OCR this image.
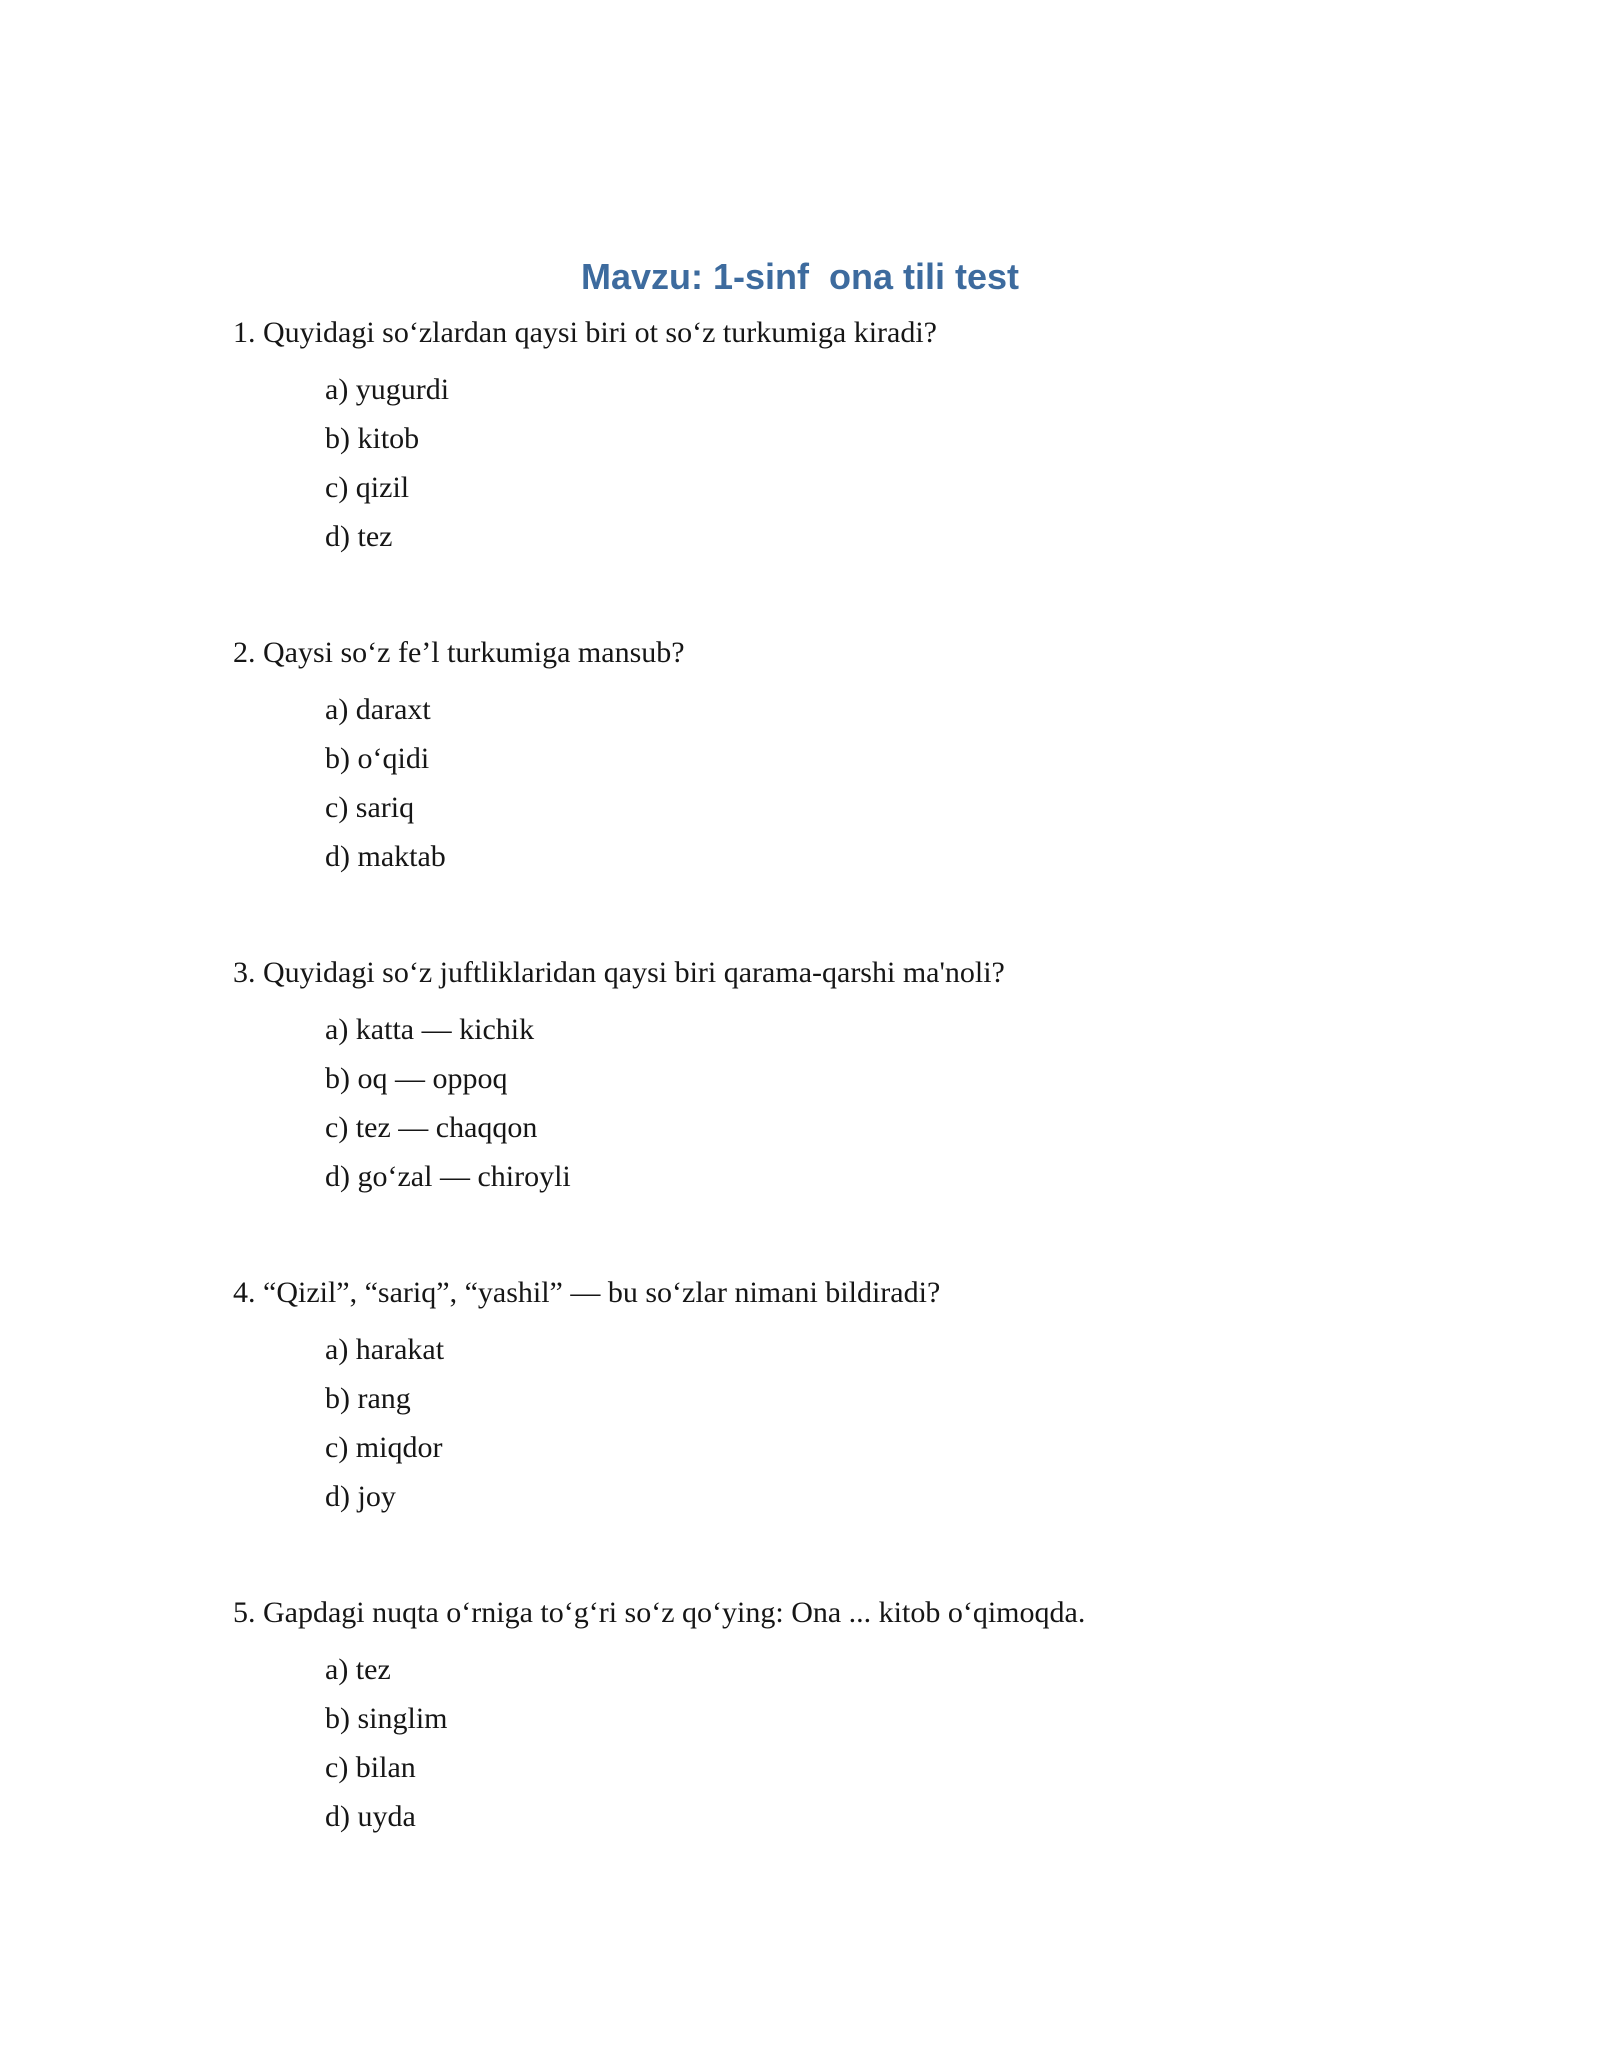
Mavzu: 1-sinf  ona tili test

1. Quyidagi so‘zlardan qaysi biri ot so‘z turkumiga kiradi?

a) yugurdi
b) kitob
c) qizil
d) tez

2. Qaysi so‘z fe’l turkumiga mansub?

a) daraxt
b) o‘qidi
c) sariq
d) maktab

3. Quyidagi so‘z juftliklaridan qaysi biri qarama-qarshi ma'noli?

a) katta — kichik
b) oq — oppoq
c) tez — chaqqon
d) go‘zal — chiroyli

4. “Qizil”, “sariq”, “yashil” — bu so‘zlar nimani bildiradi?

a) harakat
b) rang
c) miqdor
d) joy

5. Gapdagi nuqta o‘rniga to‘g‘ri so‘z qo‘ying: Ona ... kitob o‘qimoqda.

a) tez
b) singlim
c) bilan
d) uyda
